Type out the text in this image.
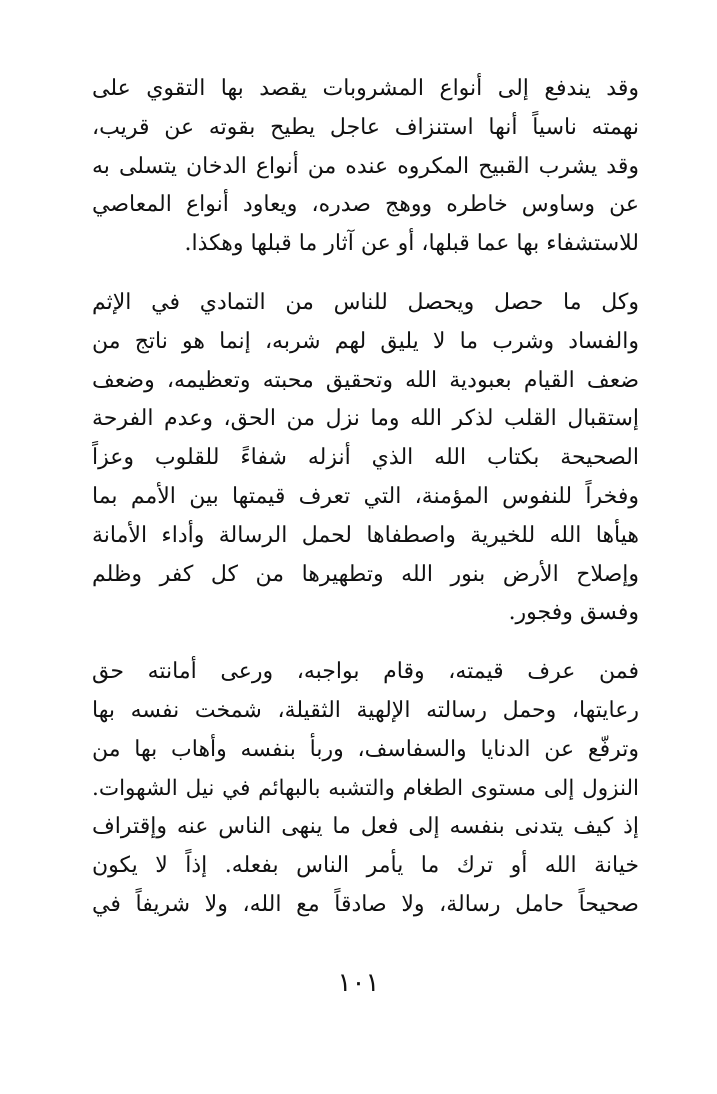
وقد يندفع إلى أنواع المشروبات يقصد بها التقوي على
نهمته ناسياً أنها استنزاف عاجل يطيح بقوته عن قريب،
وقد يشرب القبيح المكروه عنده من أنواع الدخان يتسلى به
عن وساوس خاطره ووهج صدره، ويعاود أنواع المعاصي
للاستشفاء بها عما قبلها، أو عن آثار ما قبلها وهكذا.
وكل ما حصل ويحصل للناس من التمادي في الإثم
والفساد وشرب ما لا يليق لهم شربه، إنما هو ناتج من
ضعف القيام بعبودية الله وتحقيق محبته وتعظيمه، وضعف
إستقبال القلب لذكر الله وما نزل من الحق، وعدم الفرحة
الصحيحة بكتاب الله الذي أنزله شفاءً للقلوب وعزاً
وفخراً للنفوس المؤمنة، التي تعرف قيمتها بين الأمم بما
هيأها الله للخيرية واصطفاها لحمل الرسالة وأداء الأمانة
وإصلاح الأرض بنور الله وتطهيرها من كل كفر وظلم
وفسق وفجور.
فمن عرف قيمته، وقام بواجبه، ورعى أمانته حق
رعايتها، وحمل رسالته الإلهية الثقيلة، شمخت نفسه بها
وترفّع عن الدنايا والسفاسف، وربأ بنفسه وأهاب بها من
النزول إلى مستوى الطغام والتشبه بالبهائم في نيل الشهوات.
إذ كيف يتدنى بنفسه إلى فعل ما ينهى الناس عنه وإقتراف
خيانة الله أو ترك ما يأمر الناس بفعله. إذاً لا يكون
صحيحاً حامل رسالة، ولا صادقاً مع الله، ولا شريفاً في
١٠١
